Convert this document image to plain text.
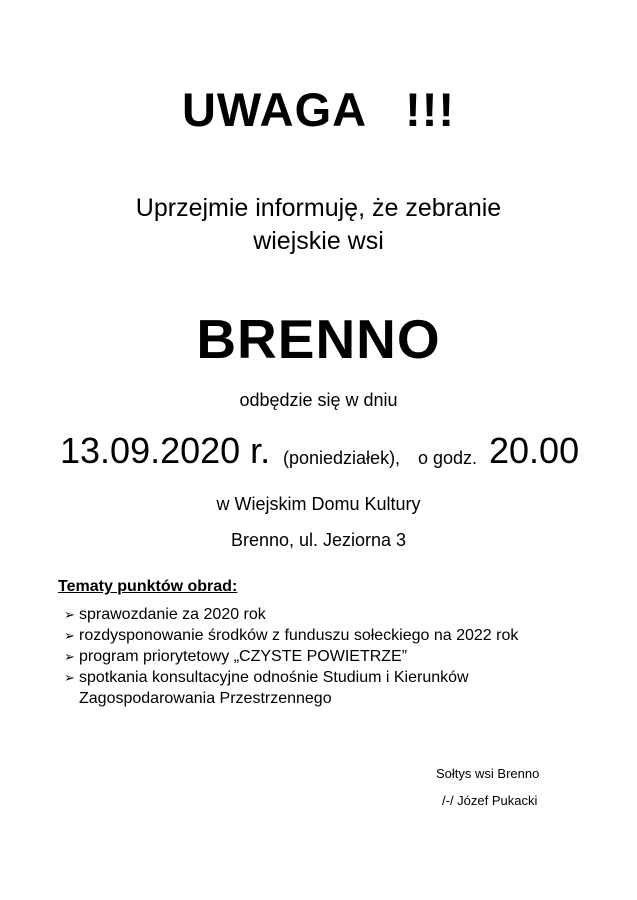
UWAGA !!!
Uprzejmie informuję, że zebranie
wiejskie wsi
BRENNO
odbędzie się w dniu
13.09.2020 r. (poniedziałek), o godz. 20.00
w Wiejskim Domu Kultury
Brenno, ul. Jeziorna 3
Tematy punktów obrad:
➢ sprawozdanie za 2020 rok
➢ rozdysponowanie środków z funduszu sołeckiego na 2022 rok
➢ program priorytetowy „CZYSTE POWIETRZE”
➢ spotkania konsultacyjne odnośnie Studium i Kierunków
Zagospodarowania Przestrzennego
Sołtys wsi Brenno
/-/ Józef Pukacki
